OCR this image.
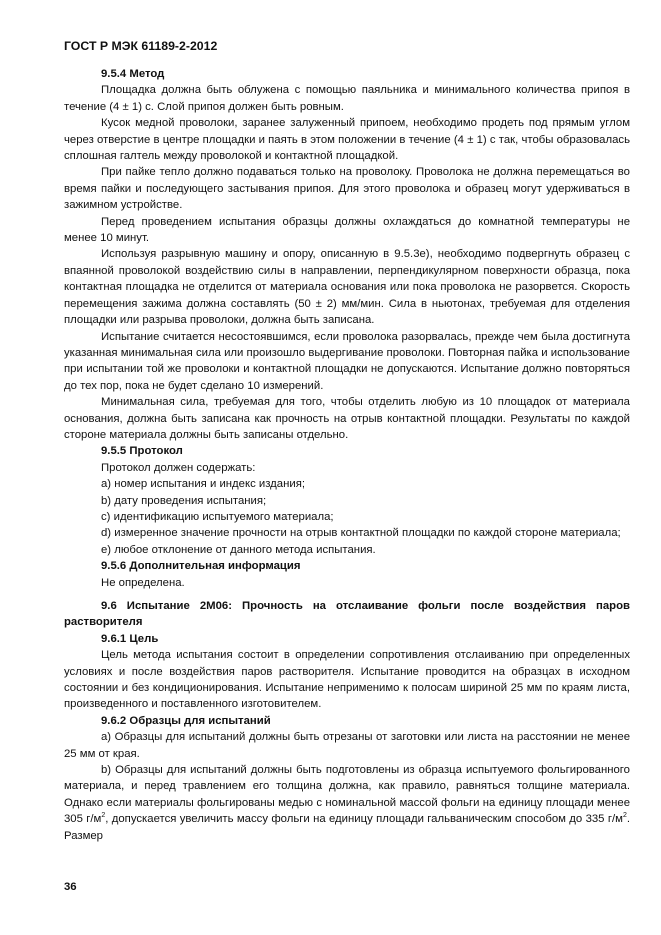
ГОСТ Р МЭК 61189-2-2012
9.5.4 Метод
Площадка должна быть облужена с помощью паяльника и минимального количества припоя в течение (4 ± 1) с. Слой припоя должен быть ровным.
Кусок медной проволоки, заранее залуженный припоем, необходимо продеть под прямым углом через отверстие в центре площадки и паять в этом положении в течение (4 ± 1) с так, чтобы образовалась сплошная галтель между проволокой и контактной площадкой.
При пайке тепло должно подаваться только на проволоку. Проволока не должна перемещаться во время пайки и последующего застывания припоя. Для этого проволока и образец могут удерживаться в зажимном устройстве.
Перед проведением испытания образцы должны охлаждаться до комнатной температуры не менее 10 минут.
Используя разрывную машину и опору, описанную в 9.5.3е), необходимо подвергнуть образец с впаянной проволокой воздействию силы в направлении, перпендикулярном поверхности образца, пока контактная площадка не отделится от материала основания или пока проволока не разорвется. Скорость перемещения зажима должна составлять (50 ± 2) мм/мин. Сила в ньютонах, требуемая для отделения площадки или разрыва проволоки, должна быть записана.
Испытание считается несостоявшимся, если проволока разорвалась, прежде чем была достигнута указанная минимальная сила или произошло выдергивание проволоки. Повторная пайка и использование при испытании той же проволоки и контактной площадки не допускаются. Испытание должно повторяться до тех пор, пока не будет сделано 10 измерений.
Минимальная сила, требуемая для того, чтобы отделить любую из 10 площадок от материала основания, должна быть записана как прочность на отрыв контактной площадки. Результаты по каждой стороне материала должны быть записаны отдельно.
9.5.5 Протокол
Протокол должен содержать:
a) номер испытания и индекс издания;
b) дату проведения испытания;
c) идентификацию испытуемого материала;
d) измеренное значение прочности на отрыв контактной площадки по каждой стороне материала;
e) любое отклонение от данного метода испытания.
9.5.6 Дополнительная информация
Не определена.
9.6 Испытание 2М06: Прочность на отслаивание фольги после воздействия паров растворителя
9.6.1 Цель
Цель метода испытания состоит в определении сопротивления отслаиванию при определенных условиях и после воздействия паров растворителя. Испытание проводится на образцах в исходном состоянии и без кондиционирования. Испытание неприменимо к полосам шириной 25 мм по краям листа, произведенного и поставленного изготовителем.
9.6.2 Образцы для испытаний
a) Образцы для испытаний должны быть отрезаны от заготовки или листа на расстоянии не менее 25 мм от края.
b) Образцы для испытаний должны быть подготовлены из образца испытуемого фольгированного материала, и перед травлением его толщина должна, как правило, равняться толщине материала. Однако если материалы фольгированы медью с номинальной массой фольги на единицу площади менее 305 $г/м^2$, допускается увеличить массу фольги на единицу площади гальваническим способом до 335 $г/м^2$. Размер
36
